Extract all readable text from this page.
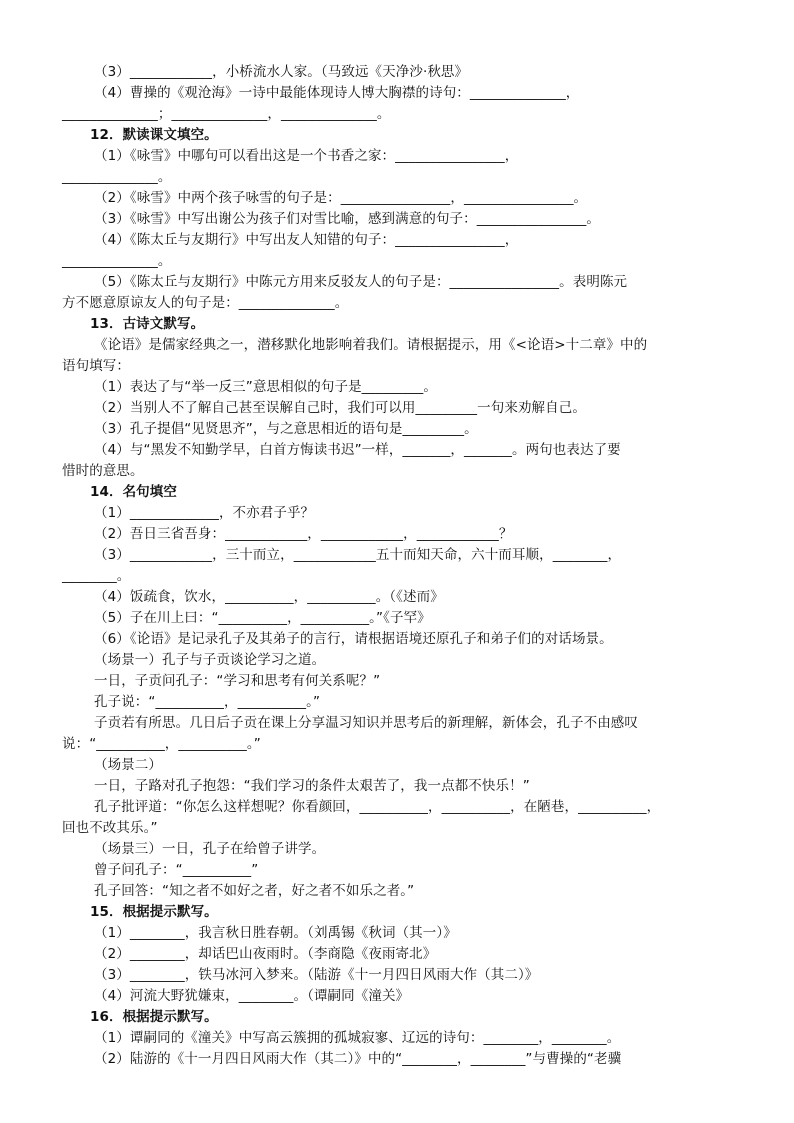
（3）____________，小桥流水人家。（马致远《天净沙·秋思》
（4）曹操的《观沧海》一诗中最能体现诗人博大胸襟的诗句：______________，
______________；______________，______________。
12．默读课文填空。
（1）《咏雪》中哪句可以看出这是一个书香之家：________________，
______________。
（2）《咏雪》中两个孩子咏雪的句子是：________________，________________。
（3）《咏雪》中写出谢公为孩子们对雪比喻，感到满意的句子：________________。
（4）《陈太丘与友期行》中写出友人知错的句子：________________，
______________。
（5）《陈太丘与友期行》中陈元方用来反驳友人的句子是：________________。表明陈元
方不愿意原谅友人的句子是：______________。
13．古诗文默写。
《论语》是儒家经典之一，潜移默化地影响着我们。请根据提示，用《<论语>十二章》中的
语句填写：
（1）表达了与“举一反三”意思相似的句子是_________。
（2）当别人不了解自己甚至误解自己时，我们可以用_________一句来劝解自己。
（3）孔子提倡“见贤思齐”，与之意思相近的语句是_________。
（4）与“黑发不知勤学早，白首方悔读书迟”一样，_______，_______。两句也表达了要
惜时的意思。
14．名句填空
（1）_____________，不亦君子乎？
（2）吾日三省吾身：____________，____________，____________？
（3）____________，三十而立，____________五十而知天命，六十而耳顺，________，
________。
（4）饭疏食，饮水，__________，__________。（《述而》
（5）子在川上曰：“__________，__________。”《子罕》
（6）《论语》是记录孔子及其弟子的言行，请根据语境还原孔子和弟子们的对话场景。
（场景一）孔子与子贡谈论学习之道。
一日，子贡问孔子：“学习和思考有何关系呢？”
孔子说：“__________，__________。”
子贡若有所思。几日后子贡在课上分享温习知识并思考后的新理解，新体会，孔子不由感叹
说：“__________，__________。”
（场景二）
一日，子路对孔子抱怨：“我们学习的条件太艰苦了，我一点都不快乐！”
孔子批评道：“你怎么这样想呢？你看颜回，__________，__________，在陋巷，__________，
回也不改其乐。”
（场景三）一日，孔子在给曾子讲学。
曾子问孔子：“__________”
孔子回答：“知之者不如好之者，好之者不如乐之者。”
15．根据提示默写。
（1）________，我言秋日胜春朝。（刘禹锡《秋词（其一）》
（2）________，却话巴山夜雨时。（李商隐《夜雨寄北》
（3）________，铁马冰河入梦来。（陆游《十一月四日风雨大作（其二）》
（4）河流大野犹嫌束，________。（谭嗣同《潼关》
16．根据提示默写。
（1）谭嗣同的《潼关》中写高云簇拥的孤城寂寥、辽远的诗句：________，________。
（2）陆游的《十一月四日风雨大作（其二）》中的“________，________”与曹操的“老骥
